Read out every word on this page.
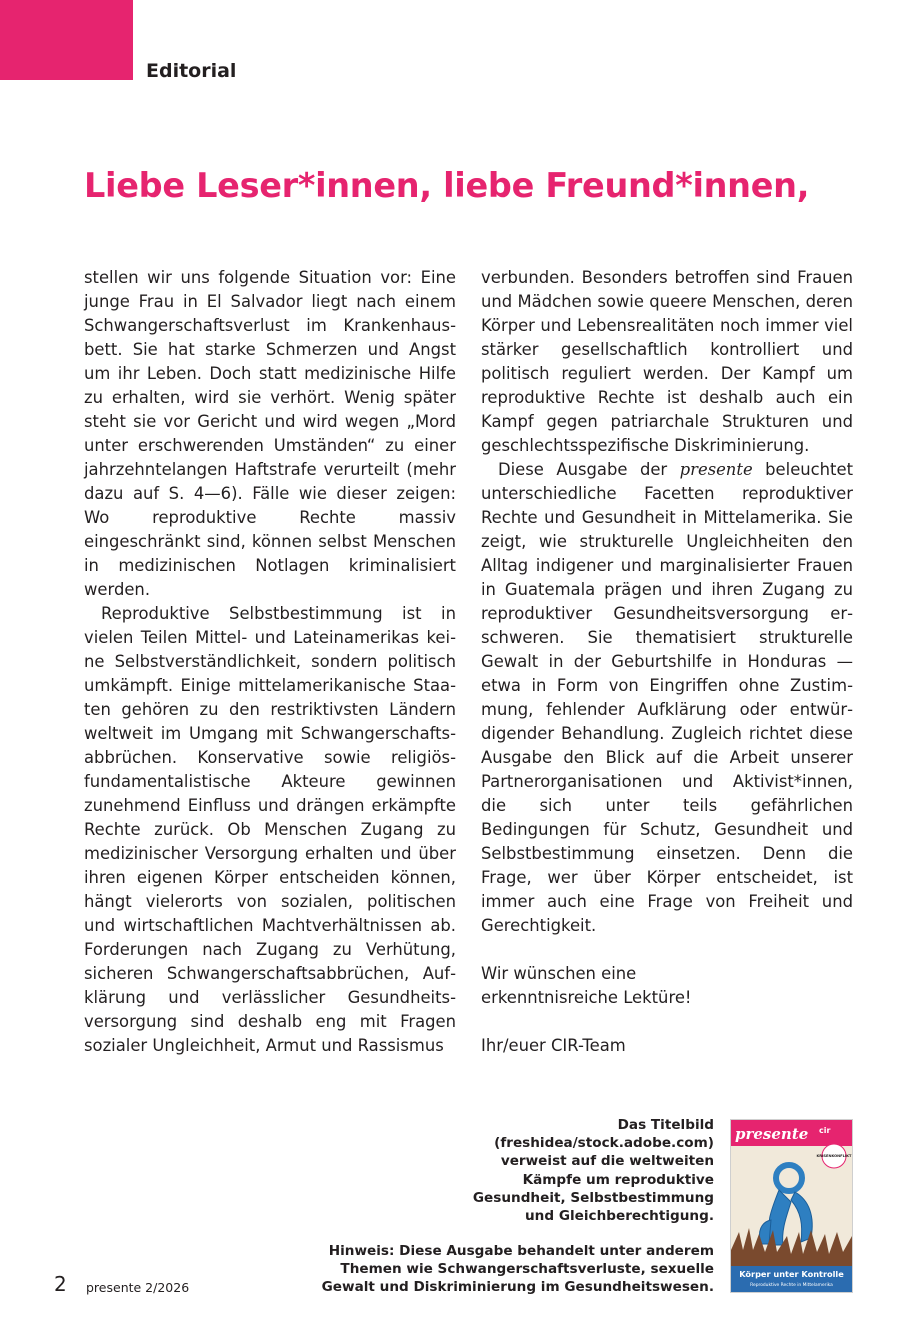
Editorial
Liebe Leser*innen, liebe Freund*innen,

stellen wir uns folgende Situation vor: Eine junge Frau in El Salvador liegt nach einem Schwangerschaftsverlust im Krankenhausbett. Sie hat starke Schmerzen und Angst um ihr Leben. Doch statt medizinische Hilfe zu erhalten, wird sie verhört. Wenig später steht sie vor Gericht und wird wegen „Mord unter erschwerenden Umständen“ zu einer jahrzehntelangen Haftstrafe verurteilt (mehr dazu auf S. 4—6). Fälle wie dieser zeigen: Wo reproduktive Rechte massiv eingeschränkt sind, können selbst Menschen in medizinischen Notlagen kriminalisiert werden.

Reproduktive Selbstbestimmung ist in vielen Teilen Mittel- und Lateinamerikas keine Selbstverständlichkeit, sondern politisch umkämpft. Einige mittelamerikanische Staaten gehören zu den restriktivsten Ländern weltweit im Umgang mit Schwangerschaftsabbrüchen. Konservative sowie religiös-fundamentalistische Akteure gewinnen zunehmend Einfluss und drängen erkämpfte Rechte zurück. Ob Menschen Zugang zu medizinischer Versorgung erhalten und über ihren eigenen Körper entscheiden können, hängt vielerorts von sozialen, politischen und wirtschaftlichen Machtverhältnissen ab. Forderungen nach Zugang zu Verhütung, sicheren Schwangerschaftsabbrüchen, Aufklärung und verlässlicher Gesundheitsversorgung sind deshalb eng mit Fragen sozialer Ungleichheit, Armut und Rassismus

verbunden. Besonders betroffen sind Frauen und Mädchen sowie queere Menschen, deren Körper und Lebensrealitäten noch immer viel stärker gesellschaftlich kontrolliert und politisch reguliert werden. Der Kampf um reproduktive Rechte ist deshalb auch ein Kampf gegen patriarchale Strukturen und geschlechtsspezifische Diskriminierung.

Diese Ausgabe der presente beleuchtet unterschiedliche Facetten reproduktiver Rechte und Gesundheit in Mittelamerika. Sie zeigt, wie strukturelle Ungleichheiten den Alltag indigener und marginalisierter Frauen in Guatemala prägen und ihren Zugang zu reproduktiver Gesundheitsversorgung erschweren. Sie thematisiert strukturelle Gewalt in der Geburtshilfe in Honduras — etwa in Form von Eingriffen ohne Zustimmung, fehlender Aufklärung oder entwürdigender Behandlung. Zugleich richtet diese Ausgabe den Blick auf die Arbeit unserer Partnerorganisationen und Aktivist*innen, die sich unter teils gefährlichen Bedingungen für Schutz, Gesundheit und Selbstbestimmung einsetzen. Denn die Frage, wer über Körper entscheidet, ist immer auch eine Frage von Freiheit und Gerechtigkeit.

Wir wünschen eine
erkenntnisreiche Lektüre!

Ihr/euer CIR-Team

Das Titelbild
(freshidea/stock.adobe.com)
verweist auf die weltweiten
Kämpfe um reproduktive
Gesundheit, Selbstbestimmung
und Gleichberechtigung.
Hinweis: Diese Ausgabe behandelt unter anderem
Themen wie Schwangerschaftsverluste, sexuelle
Gewalt und Diskriminierung im Gesundheitswesen.
2 presente 2/2026
presente cir
KRISENKONFLIKT
Körper unter Kontrolle
Reproduktive Rechte in Mittelamerika
